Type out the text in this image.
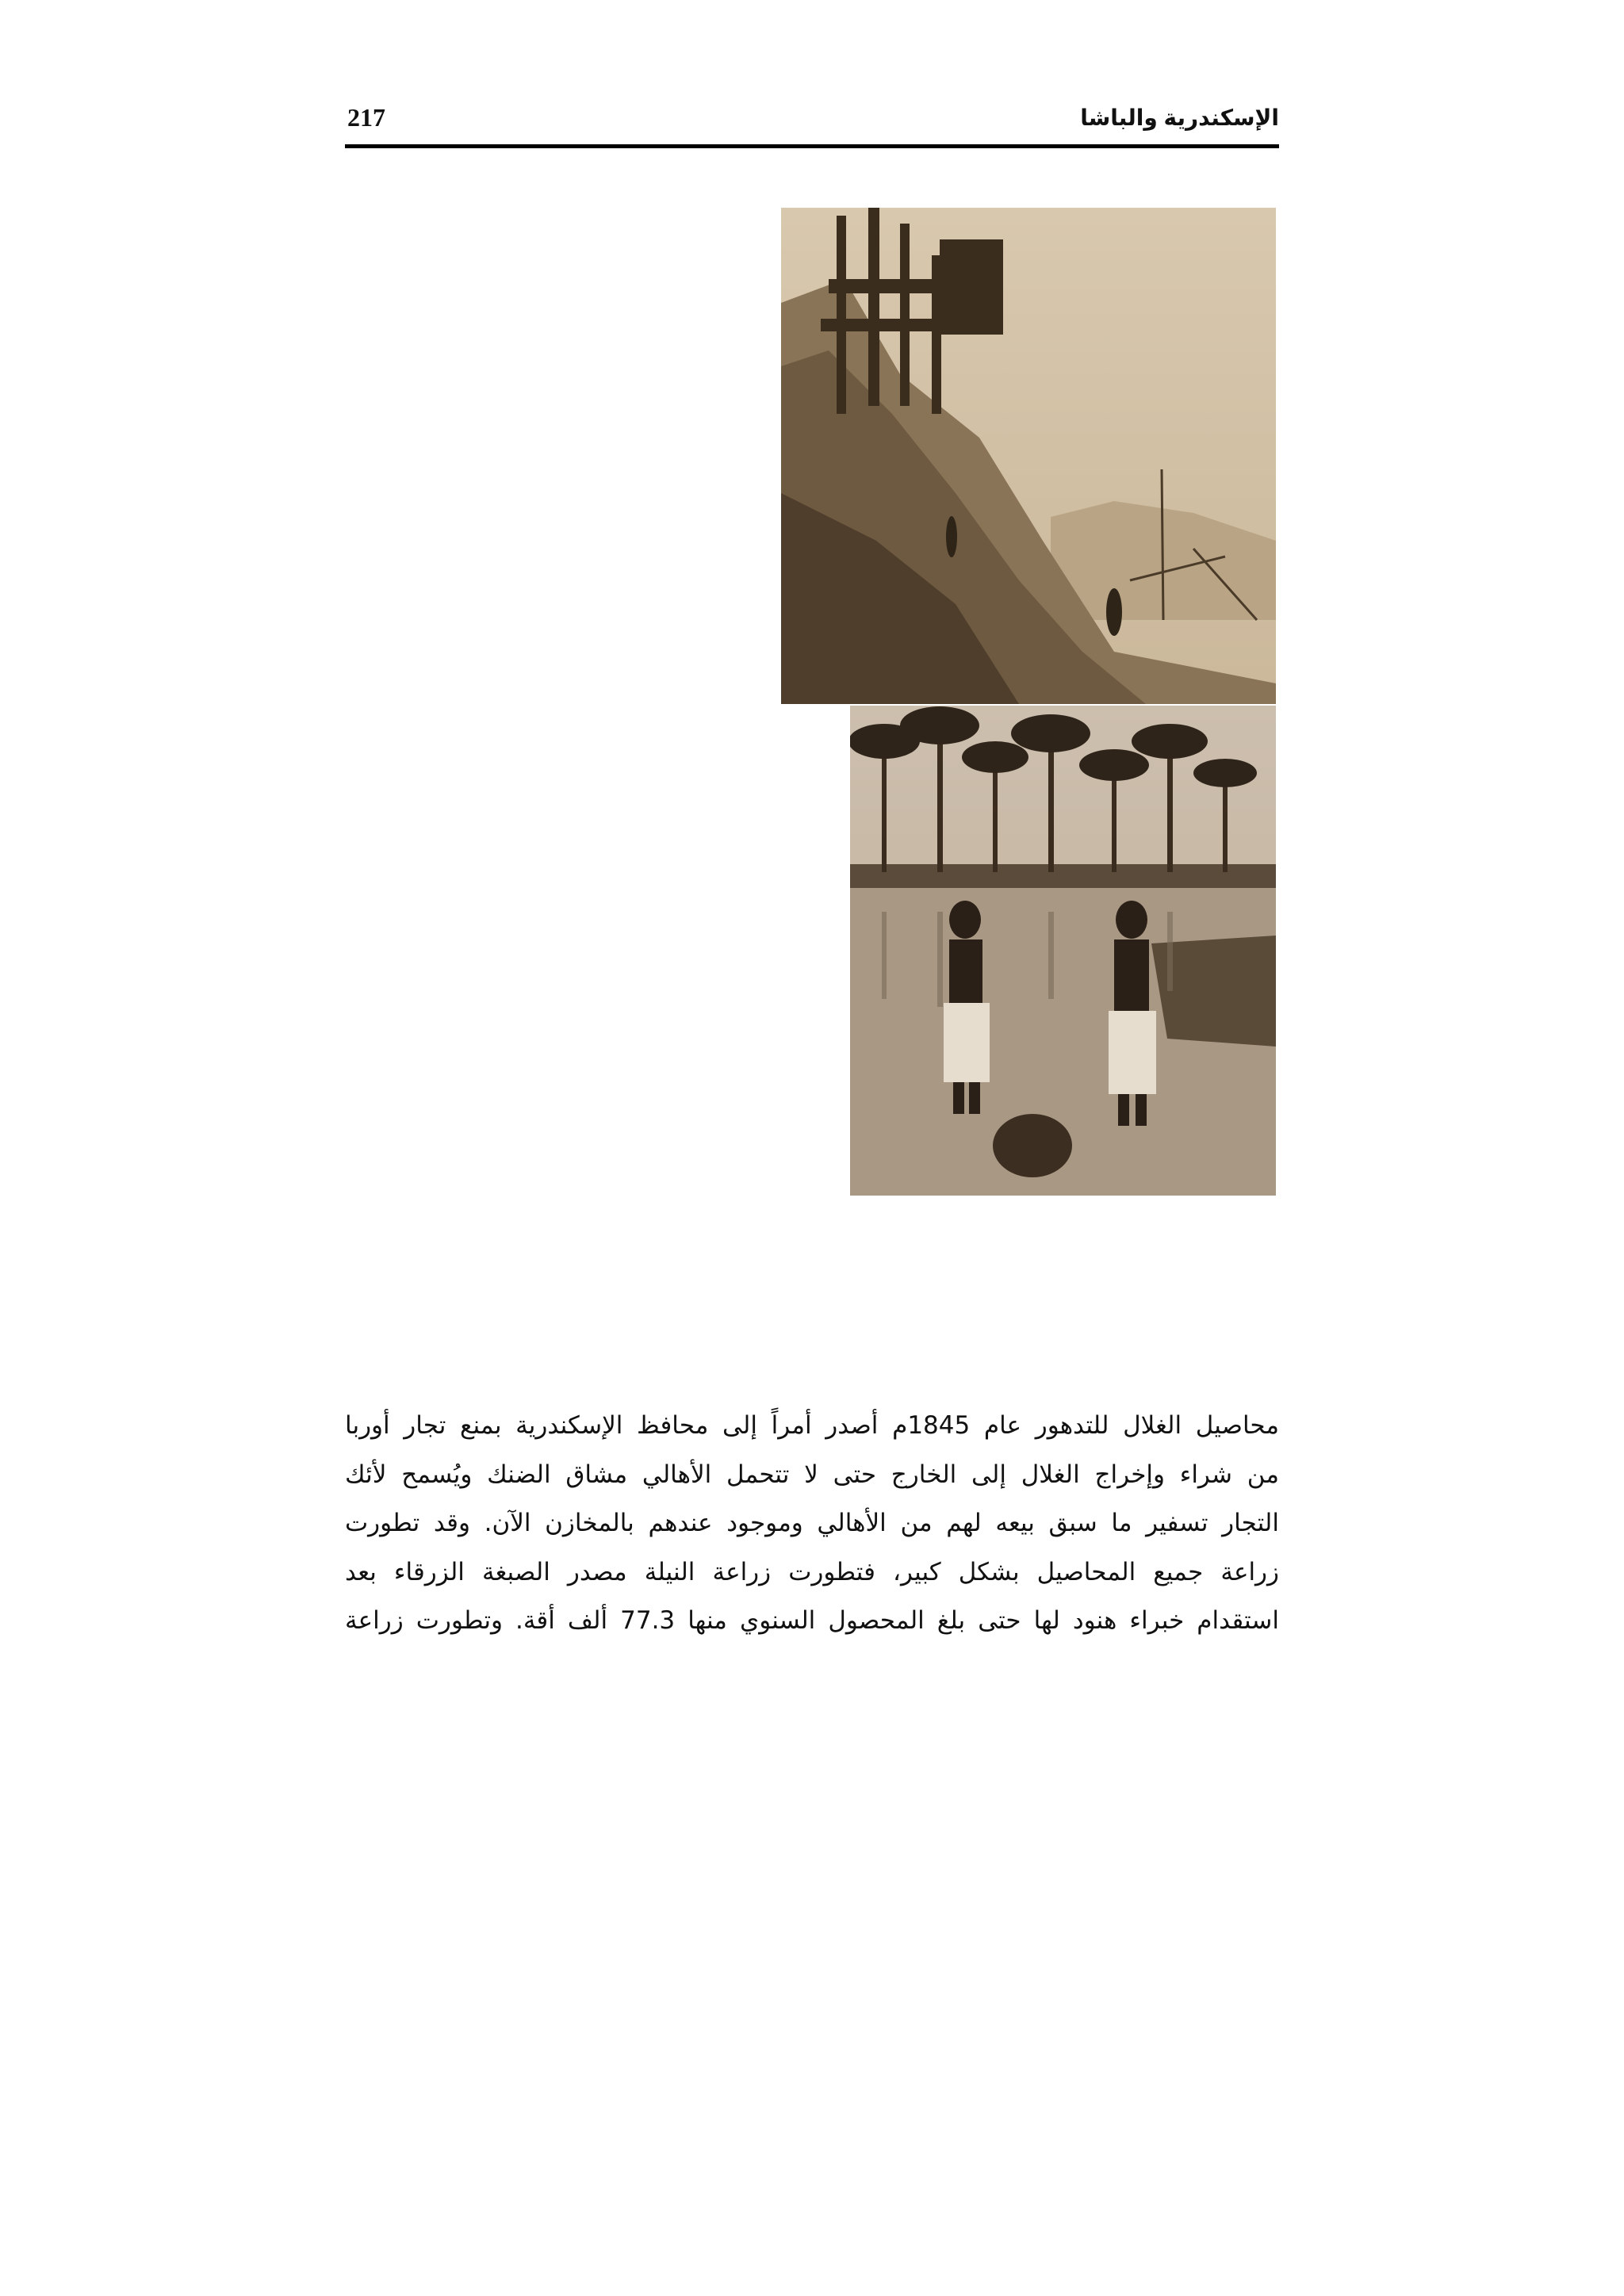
217	الإسكندرية والباشا
محاصيل الغلال للتدهور عام 1845م أصدر أمراً إلى محافظ الإسكندرية بمنع تجار أوربا
من شراء وإخراج الغلال إلى الخارج حتى لا تتحمل الأهالي مشاق الضنك ويُسمح لأئك
التجار تسفير ما سبق بيعه لهم من الأهالي وموجود عندهم بالمخازن الآن. وقد تطورت
زراعة جميع المحاصيل بشكل كبير، فتطورت زراعة النيلة مصدر الصبغة الزرقاء بعد
استقدام خبراء هنود لها حتى بلغ المحصول السنوي منها 77.3 ألف أقة. وتطورت زراعة
